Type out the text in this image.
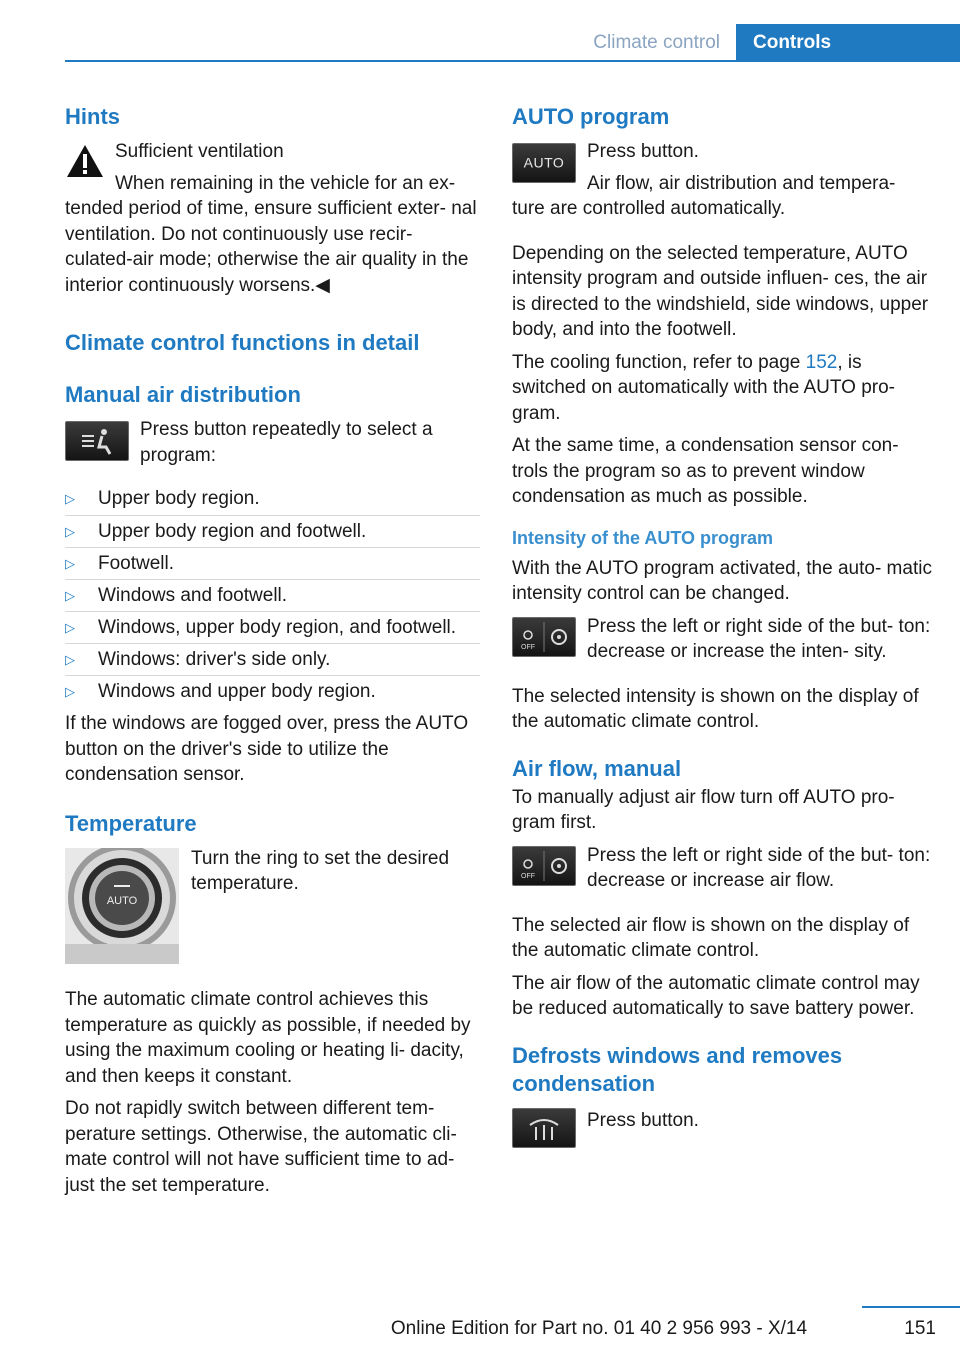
Climate control	Controls
Hints

Sufficient ventilation

When remaining in the vehicle for an ex- tended period of time, ensure sufficient exter- nal ventilation. Do not continuously use recir- culated-air mode; otherwise the air quality in the interior continuously worsens.◀

Climate control functions in detail
Manual air distribution

Press button repeatedly to select a program:

▷ Upper body region.
▷ Upper body region and footwell.
▷ Footwell.
▷ Windows and footwell.
▷ Windows, upper body region, and footwell.
▷ Windows: driver's side only.
▷ Windows and upper body region.

If the windows are fogged over, press the AUTO button on the driver's side to utilize the condensation sensor.

Temperature
AUTO

Turn the ring to set the desired temperature.

The automatic climate control achieves this temperature as quickly as possible, if needed by using the maximum cooling or heating li- dacity, and then keeps it constant.

Do not rapidly switch between different tem- perature settings. Otherwise, the automatic cli- mate control will not have sufficient time to ad- just the set temperature.

AUTO program
AUTO

Press button.

Air flow, air distribution and tempera- ture are controlled automatically.

Depending on the selected temperature, AUTO intensity program and outside influen- ces, the air is directed to the windshield, side windows, upper body, and into the footwell.

The cooling function, refer to page 152, is switched on automatically with the AUTO pro- gram.

At the same time, a condensation sensor con- trols the program so as to prevent window condensation as much as possible.

Intensity of the AUTO program

With the AUTO program activated, the auto- matic intensity control can be changed.

OFF

Press the left or right side of the but- ton: decrease or increase the inten- sity.

The selected intensity is shown on the display of the automatic climate control.

Air flow, manual

To manually adjust air flow turn off AUTO pro- gram first.

OFF

Press the left or right side of the but- ton: decrease or increase air flow.

The selected air flow is shown on the display of the automatic climate control.

The air flow of the automatic climate control may be reduced automatically to save battery power.

Defrosts windows and removes condensation

Press button.

151
Online Edition for Part no. 01 40 2 956 993 - X/14
